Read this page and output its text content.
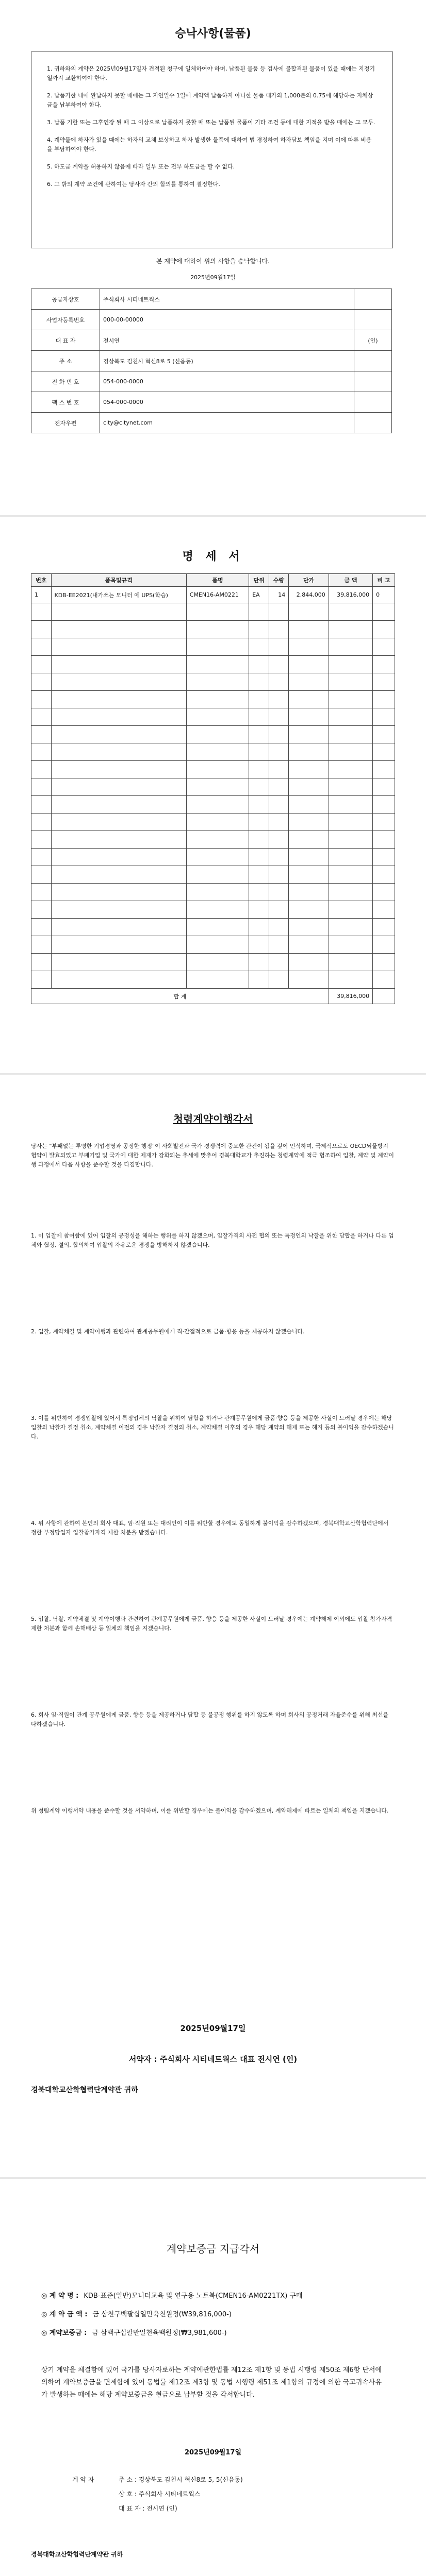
승낙사항(물품)

1. 귀하와의 계약은 2025년09월17일자 견적된 청구에 일체하여야 하며, 납품된 물품 등 검사에 불합격된 물품이 있을 때에는 지정기일까지 교환하여야 한다.

2. 납품기한 내에 완납하지 못할 때에는 그 지연일수 1일에 계약액 납품하지 아니한 물품 대가의 1,000분의 0.75에 해당하는 지체상금을 납부하여야 한다.

3. 납품 기한 또는 그후연장 된 때 그 이상으로 납품하지 못할 때 또는 납품된 물품이 기타 조건 등에 대한 지적을 받을 때에는 그 모두.

4. 계약물에 하자가 있을 때에는 하자의 교체 보상하고 하자 발생한 물품에 대하여 법 경정하여 하자담보 책임을 지며 이에 따른 비용을 부담하여야 한다.

5. 하도급 계약을 허용하지 않음에 따라 일부 또는 전부 하도급을 할 수 없다.

6. 그 밖의 계약 조건에 관하여는 당사자 간의 합의를 통하여 결정한다.

본 계약에 대하여 위의 사항을 승낙합니다.
2025년09월17일
공급자상호	주식회사 시티네트웍스	
사업자등록번호	000-00-00000	
대 표 자	전시연	(인)
주 소	경상북도 김천시 혁신8로 5 (신음동)	
전 화 번 호	054-000-0000	
팩 스 번 호	054-000-0000	
전자우편	city@citynet.com	
명 세 서
번호	품목및규격	품명	단위	수량	단가	금 액	비 고
1	KDB-EE2021(내가쓰는 모니터 에 UPS(학습)	CMEN16-AM0221	EA	14	2,844,000	39,816,000	0

합 계						39,816,000	
청렴계약이행각서

당사는 "부패없는 투명한 기업경영과 공정한 행정"이 사회발전과 국가 경쟁력에 중요한 관건이 됨을 깊이 인식하며, 국제적으로도 OECD뇌물방지 협약이 발효되었고 부패기업 및 국가에 대한 제재가 강화되는 추세에 맞추어 경북대학교가 추진하는 청렴계약에 적극 협조하여 입찰, 계약 및 계약이행 과정에서 다음 사항을 준수할 것을 다짐합니다.

1. 이 입찰에 참여함에 있어 입찰의 공정성을 해하는 행위를 하지 않겠으며, 입찰가격의 사전 협의 또는 특정인의 낙찰을 위한 담합을 하거나 다른 업체와 협정, 결의, 합의하여 입찰의 자유로운 경쟁을 방해하지 않겠습니다.

2. 입찰, 계약체결 및 계약이행과 관련하여 관계공무원에게 직·간접적으로 금품·향응 등을 제공하지 않겠습니다.

3. 이를 위반하여 경쟁입찰에 있어서 특정업체의 낙찰을 위하여 담합을 하거나 관계공무원에게 금품·향응 등을 제공한 사실이 드러날 경우에는 해당 입찰의 낙찰자 결정 취소, 계약체결 이전의 경우 낙찰자 결정의 취소, 계약체결 이후의 경우 해당 계약의 해제 또는 해지 등의 불이익을 감수하겠습니다.

4. 위 사항에 관하여 본인의 회사 대표, 임·직원 또는 대리인이 이를 위반할 경우에도 동일하게 불이익을 감수하겠으며, 경북대학교산학협력단에서 정한 부정당업자 입찰참가자격 제한 처분을 받겠습니다.

5. 입찰, 낙찰, 계약체결 및 계약이행과 관련하여 관계공무원에게 금품, 향응 등을 제공한 사실이 드러날 경우에는 계약해제 이외에도 입찰 참가자격 제한 처분과 함께 손해배상 등 일체의 책임을 지겠습니다.

6. 회사 임·직원이 관계 공무원에게 금품, 향응 등을 제공하거나 담합 등 불공정 행위를 하지 않도록 하며 회사의 공정거래 자율준수를 위해 최선을 다하겠습니다.

위 청렴계약 이행서약 내용을 준수할 것을 서약하며, 이를 위반할 경우에는 불이익을 감수하겠으며, 계약해제에 따르는 일체의 책임을 지겠습니다.

2025년09월17일
서약자 : 주식회사 시티네트웍스 대표 전시연 (인)
경북대학교산학협력단계약관 귀하
계약보증금 지급각서
◎ 계 약 명 : KDB-표준(일반)모니터교육 및 연구용 노트북(CMEN16-AM0221TX) 구매
◎ 계 약 금 액 : 금 삼천구백팔십일만육천원정(₩39,816,000-)
◎ 계약보증금 : 금 삼백구십팔만일천육백원정(₩3,981,600-)
상기 계약을 체결함에 있어 국가를 당사자로하는 계약에관한법률 제12조 제1항 및 동법 시행령 제50조 제6항 단서에 의하여 계약보증금을 면제함에 있어 동법률 제12조 제3항 및 동법 시행령 제51조 제1항의 규정에 의한 국고귀속사유가 발생하는 때에는 해당 계약보증금을 현금으로 납부할 것을 각서합니다.
2025년09월17일
계 약 자	주 소 : 경상북도 김천시 혁신8로 5, 5(신음동)
상 호 : 주식회사 시티네트웍스
대 표 자 : 전시연 (인)
경북대학교산학협력단계약관 귀하
